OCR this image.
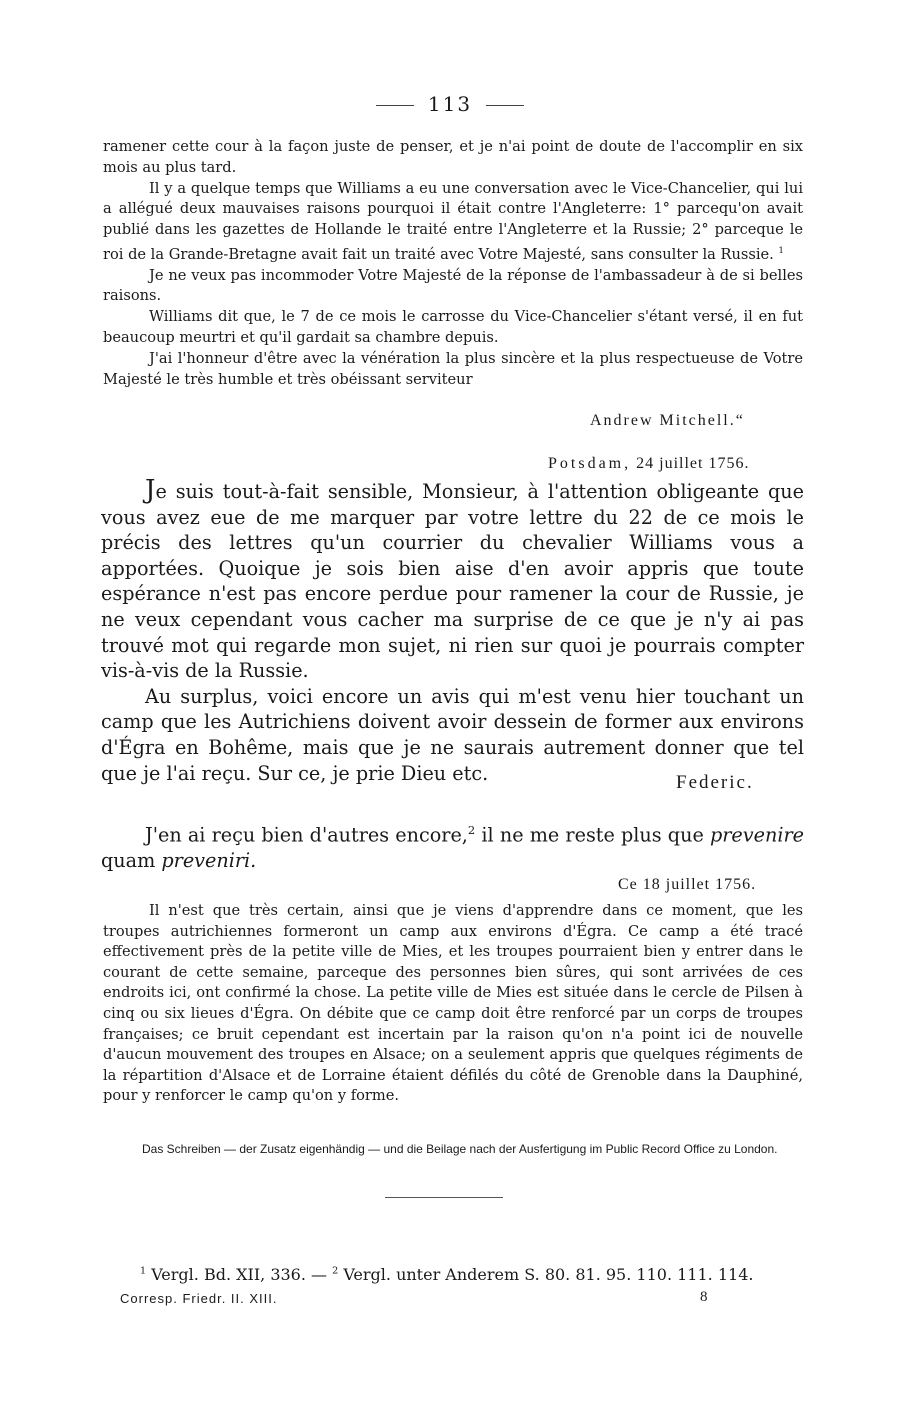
113

ramener cette cour à la façon juste de penser, et je n'ai point de doute de l'accomplir en six mois au plus tard.

Il y a quelque temps que Williams a eu une conversation avec le Vice-Chancelier, qui lui a allégué deux mauvaises raisons pourquoi il était contre l'Angleterre: 1° parcequ'on avait publié dans les gazettes de Hollande le traité entre l'Angleterre et la Russie; 2° parceque le roi de la Grande-Bretagne avait fait un traité avec Votre Majesté, sans consulter la Russie. $^1$

Je ne veux pas incommoder Votre Majesté de la réponse de l'ambassadeur à de si belles raisons.

Williams dit que, le 7 de ce mois le carrosse du Vice-Chancelier s'étant versé, il en fut beaucoup meurtri et qu'il gardait sa chambre depuis.

J'ai l'honneur d'être avec la vénération la plus sincère et la plus respectueuse de Votre Majesté le très humble et très obéissant serviteur

Andrew Mitchell.“
Potsdam, 24 juillet 1756.

Je suis tout-à-fait sensible, Monsieur, à l'attention obligeante que vous avez eue de me marquer par votre lettre du 22 de ce mois le précis des lettres qu'un courrier du chevalier Williams vous a apportées. Quoique je sois bien aise d'en avoir appris que toute espérance n'est pas encore perdue pour ramener la cour de Russie, je ne veux cependant vous cacher ma surprise de ce que je n'y ai pas trouvé mot qui regarde mon sujet, ni rien sur quoi je pourrais compter vis-à-vis de la Russie.

Au surplus, voici encore un avis qui m'est venu hier touchant un camp que les Autrichiens doivent avoir dessein de former aux environs d'Égra en Bohême, mais que je ne saurais autrement donner que tel que je l'ai reçu. Sur ce, je prie Dieu etc.	Federic.

J'en ai reçu bien d'autres encore,$^2$ il ne me reste plus que prevenire quam preveniri.

Ce 18 juillet 1756.

Il n'est que très certain, ainsi que je viens d'apprendre dans ce moment, que les troupes autrichiennes formeront un camp aux environs d'Égra. Ce camp a été tracé effectivement près de la petite ville de Mies, et les troupes pourraient bien y entrer dans le courant de cette semaine, parceque des personnes bien sûres, qui sont arrivées de ces endroits ici, ont confirmé la chose. La petite ville de Mies est située dans le cercle de Pilsen à cinq ou six lieues d'Égra. On débite que ce camp doit être renforcé par un corps de troupes françaises; ce bruit cependant est incertain par la raison qu'on n'a point ici de nouvelle d'aucun mouvement des troupes en Alsace; on a seulement appris que quelques régiments de la répartition d'Alsace et de Lorraine étaient défilés du côté de Grenoble dans la Dauphiné, pour y renforcer le camp qu'on y forme.

Das Schreiben — der Zusatz eigenhändig — und die Beilage nach der Ausfertigung im Public Record Office zu London.
$^1$ Vergl. Bd. XII, 336. — $^2$ Vergl. unter Anderem S. 80. 81. 95. 110. 111. 114.
Corresp. Friedr. II. XIII.	8
